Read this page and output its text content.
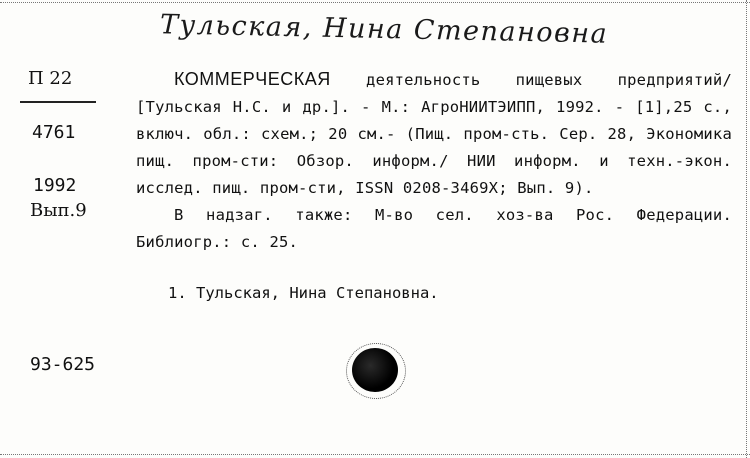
Тульская, Нина Степановна
П 22
4761
1992
Вып.9
КОММЕРЧЕСКАЯ деятельность пищевых предприятий/ [Тульская Н.С. и др.]. - М.: АгроНИИТЭИПП, 1992. - [1],25 с., включ. обл.: схем.; 20 см.- (Пищ. пром-сть. Сер. 28, Экономика пищ. пром-сти: Обзор. информ./ НИИ информ. и техн.-экон. исслед. пищ. пром-сти, ISSN 0208-3469X; Вып. 9).
В надзаг. также: М-во сел. хоз-ва Рос. Федерации. Библиогр.: с. 25.
1. Тульская, Нина Степановна.
93-625
